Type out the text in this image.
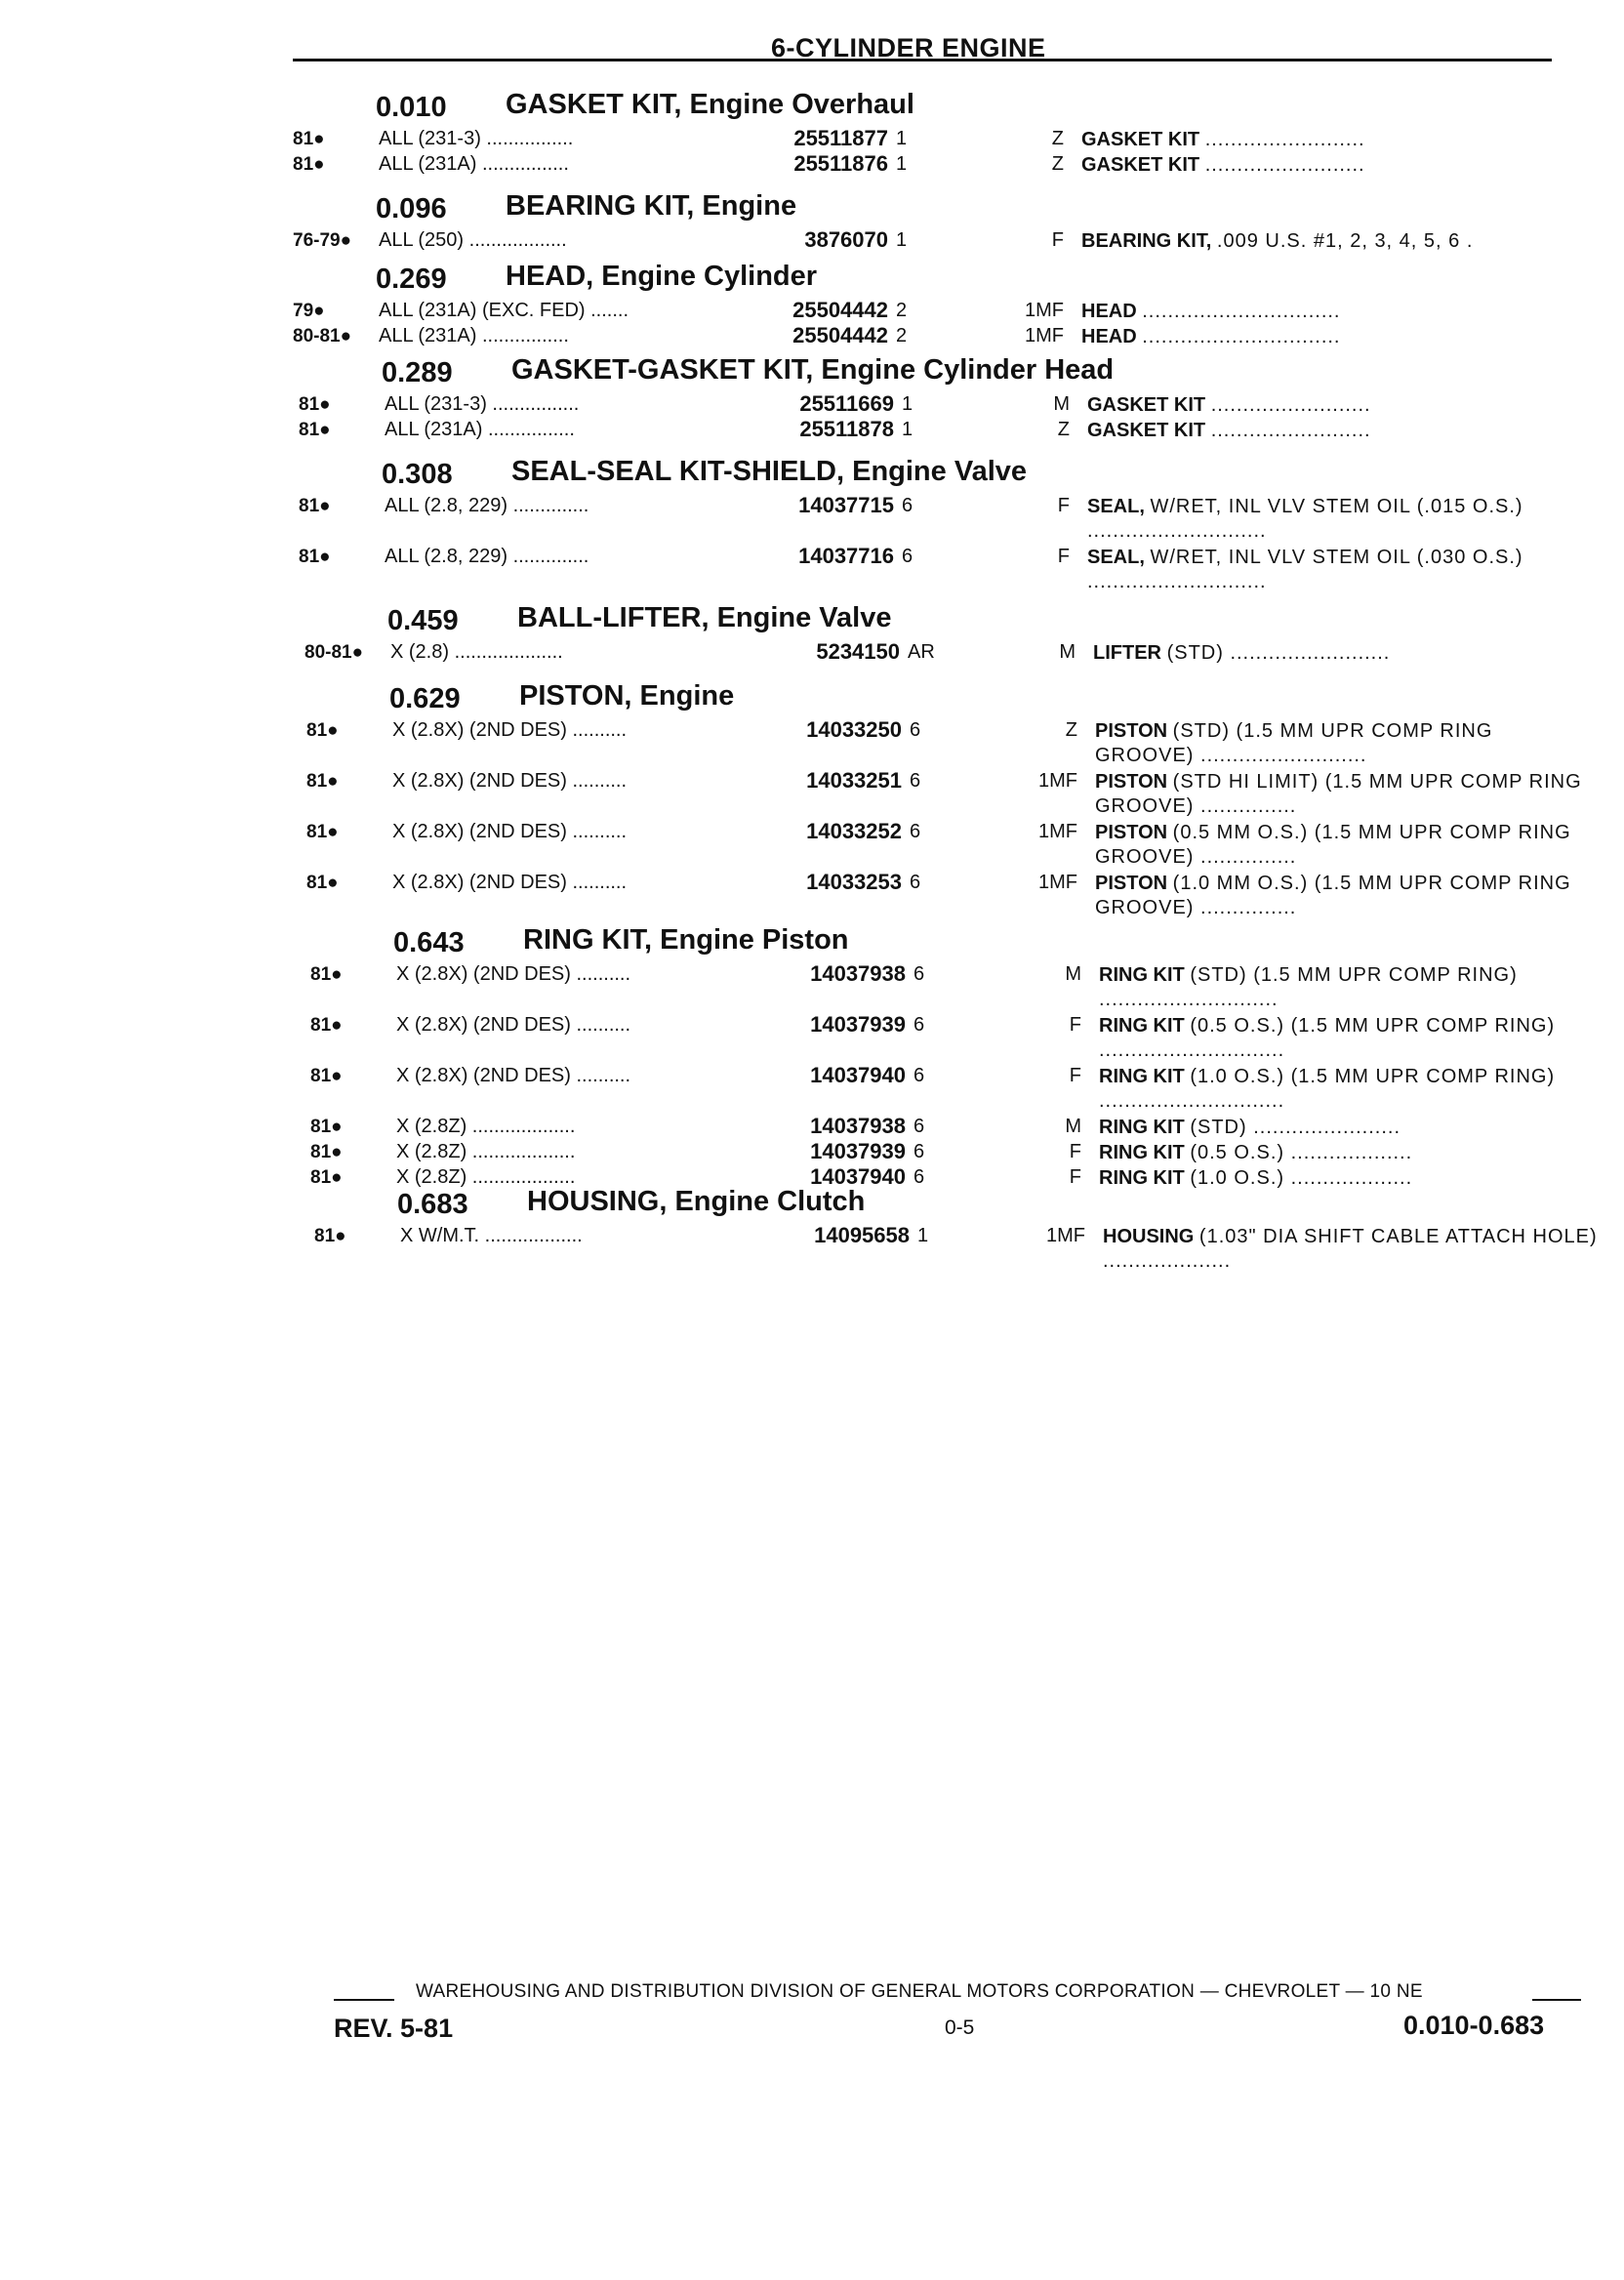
6-CYLINDER ENGINE
0.010 GASKET KIT, Engine Overhaul
81●	ALL (231-3) ................	25511877 1	Z GASKET KIT .........................
81●	ALL (231A) ................	25511876 1	Z GASKET KIT .........................
0.096 BEARING KIT, Engine
76-79● ALL (250) ..................	3876070 1	F BEARING KIT, .009 U.S. #1, 2, 3, 4, 5, 6 .
0.269 HEAD, Engine Cylinder
79●	ALL (231A) (EXC. FED) .......	25504442 2	1MF HEAD ...............................
80-81● ALL (231A) ................	25504442 2	1MF HEAD ...............................
0.289 GASKET-GASKET KIT, Engine Cylinder Head
81●	ALL (231-3) ................	25511669 1	M GASKET KIT .........................
81●	ALL (231A) ................	25511878 1	Z GASKET KIT .........................
0.308 SEAL-SEAL KIT-SHIELD, Engine Valve
81●	ALL (2.8, 229) ..............	14037715 6	F SEAL, W/RET, INL VLV STEM OIL (.015 O.S.) ............................
81●	ALL (2.8, 229) ..............	14037716 6	F SEAL, W/RET, INL VLV STEM OIL (.030 O.S.) ............................
0.459 BALL-LIFTER, Engine Valve
80-81● X (2.8) ....................	5234150 AR	M LIFTER (STD) .........................
0.629 PISTON, Engine
81●	X (2.8X) (2ND DES) ..........	14033250 6	Z PISTON (STD) (1.5 MM UPR COMP RING GROOVE) ..........................
81●	X (2.8X) (2ND DES) ..........	14033251 6	1MF PISTON (STD HI LIMIT) (1.5 MM UPR COMP RING GROOVE) ...............
81●	X (2.8X) (2ND DES) ..........	14033252 6	1MF PISTON (0.5 MM O.S.) (1.5 MM UPR COMP RING GROOVE) ...............
81●	X (2.8X) (2ND DES) ..........	14033253 6	1MF PISTON (1.0 MM O.S.) (1.5 MM UPR COMP RING GROOVE) ...............
0.643 RING KIT, Engine Piston
81●	X (2.8X) (2ND DES) ..........	14037938 6	M RING KIT (STD) (1.5 MM UPR COMP RING) ............................
81●	X (2.8X) (2ND DES) ..........	14037939 6	F RING KIT (0.5 O.S.) (1.5 MM UPR COMP RING) .............................
81●	X (2.8X) (2ND DES) ..........	14037940 6	F RING KIT (1.0 O.S.) (1.5 MM UPR COMP RING) .............................
81●	X (2.8Z) ...................	14037938 6	M RING KIT (STD) .......................
81●	X (2.8Z) ...................	14037939 6	F RING KIT (0.5 O.S.) ...................
81●	X (2.8Z) ...................	14037940 6	F RING KIT (1.0 O.S.) ...................
0.683 HOUSING, Engine Clutch
81●	X W/M.T. ..................	14095658 1	1MF HOUSING (1.03" DIA SHIFT CABLE ATTACH HOLE) ....................
WAREHOUSING AND DISTRIBUTION DIVISION OF GENERAL MOTORS CORPORATION — CHEVROLET — 10 NE
REV. 5-81	0-5	0.010-0.683
